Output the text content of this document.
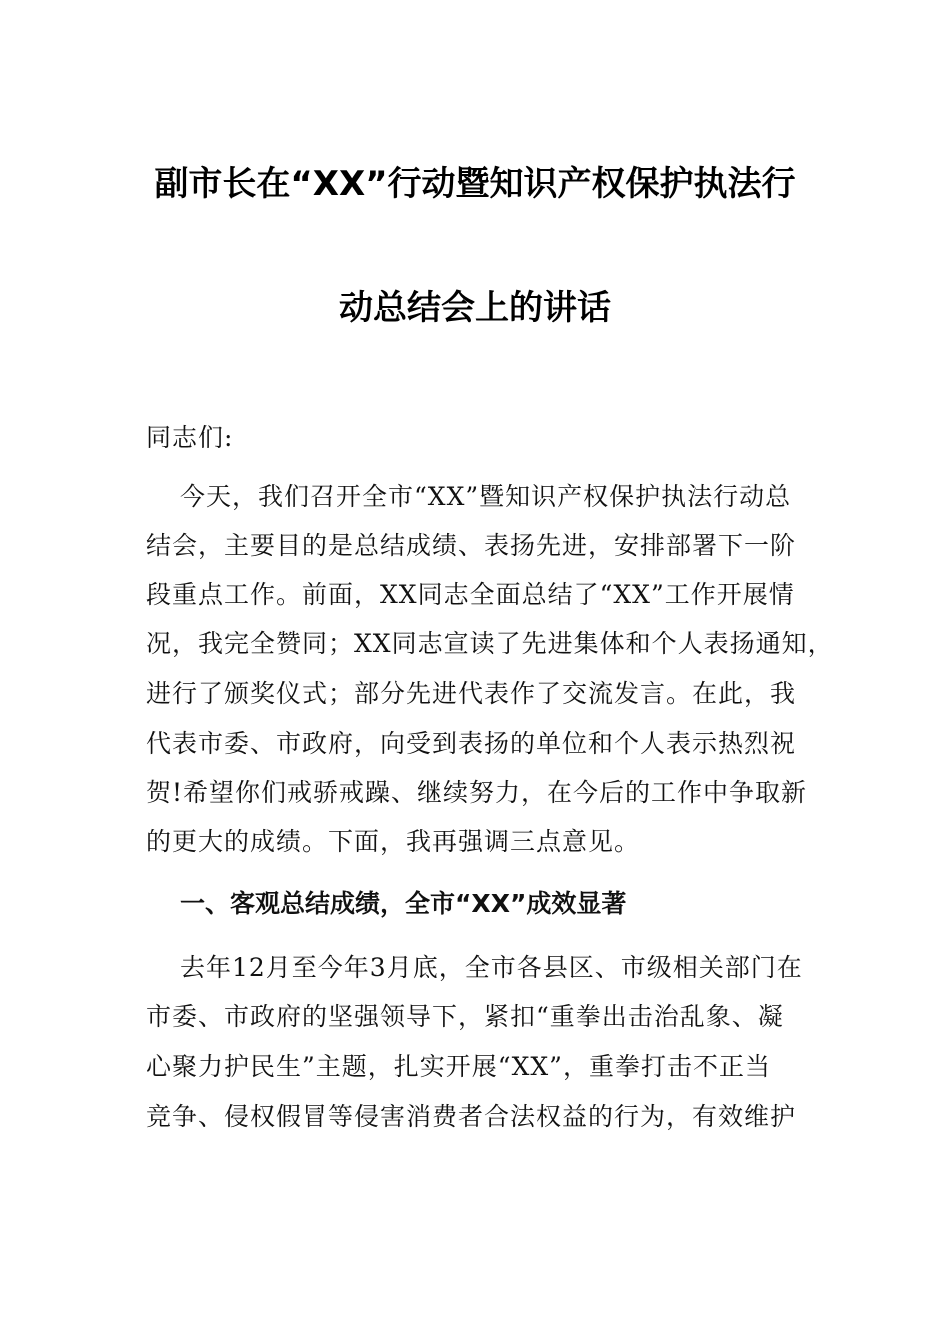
副市长在“XX”行动暨知识产权保护执法行
动总结会上的讲话

同志们:

今天，我们召开全市“XX”暨知识产权保护执法行动总

结会，主要目的是总结成绩、表扬先进，安排部署下一阶

段重点工作。前面，XX同志全面总结了“XX”工作开展情

况，我完全赞同；XX同志宣读了先进集体和个人表扬通知，

进行了颁奖仪式；部分先进代表作了交流发言。在此，我

代表市委、市政府，向受到表扬的单位和个人表示热烈祝

贺!希望你们戒骄戒躁、继续努力，在今后的工作中争取新

的更大的成绩。下面，我再强调三点意见。

一、客观总结成绩，全市“XX”成效显著

去年12月至今年3月底，全市各县区、市级相关部门在

市委、市政府的坚强领导下，紧扣“重拳出击治乱象、凝

心聚力护民生”主题，扎实开展“XX”，重拳打击不正当

竞争、侵权假冒等侵害消费者合法权益的行为，有效维护
